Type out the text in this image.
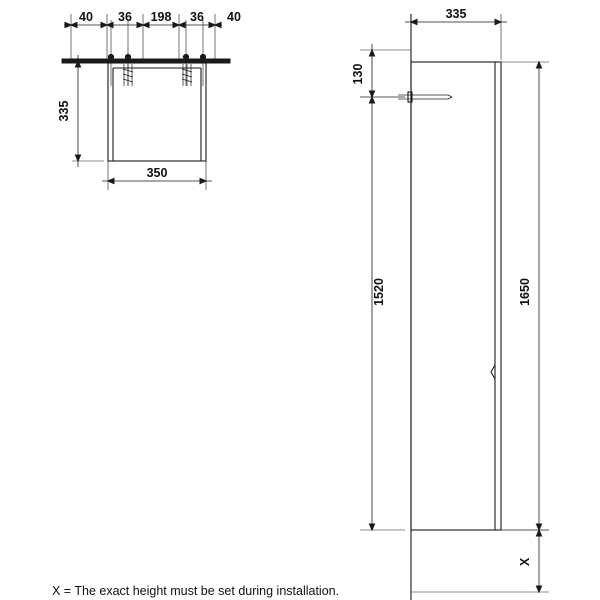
40 36 198 36 40
335
350
335
130
1520	1650
X
X = The exact height must be set during installation.
